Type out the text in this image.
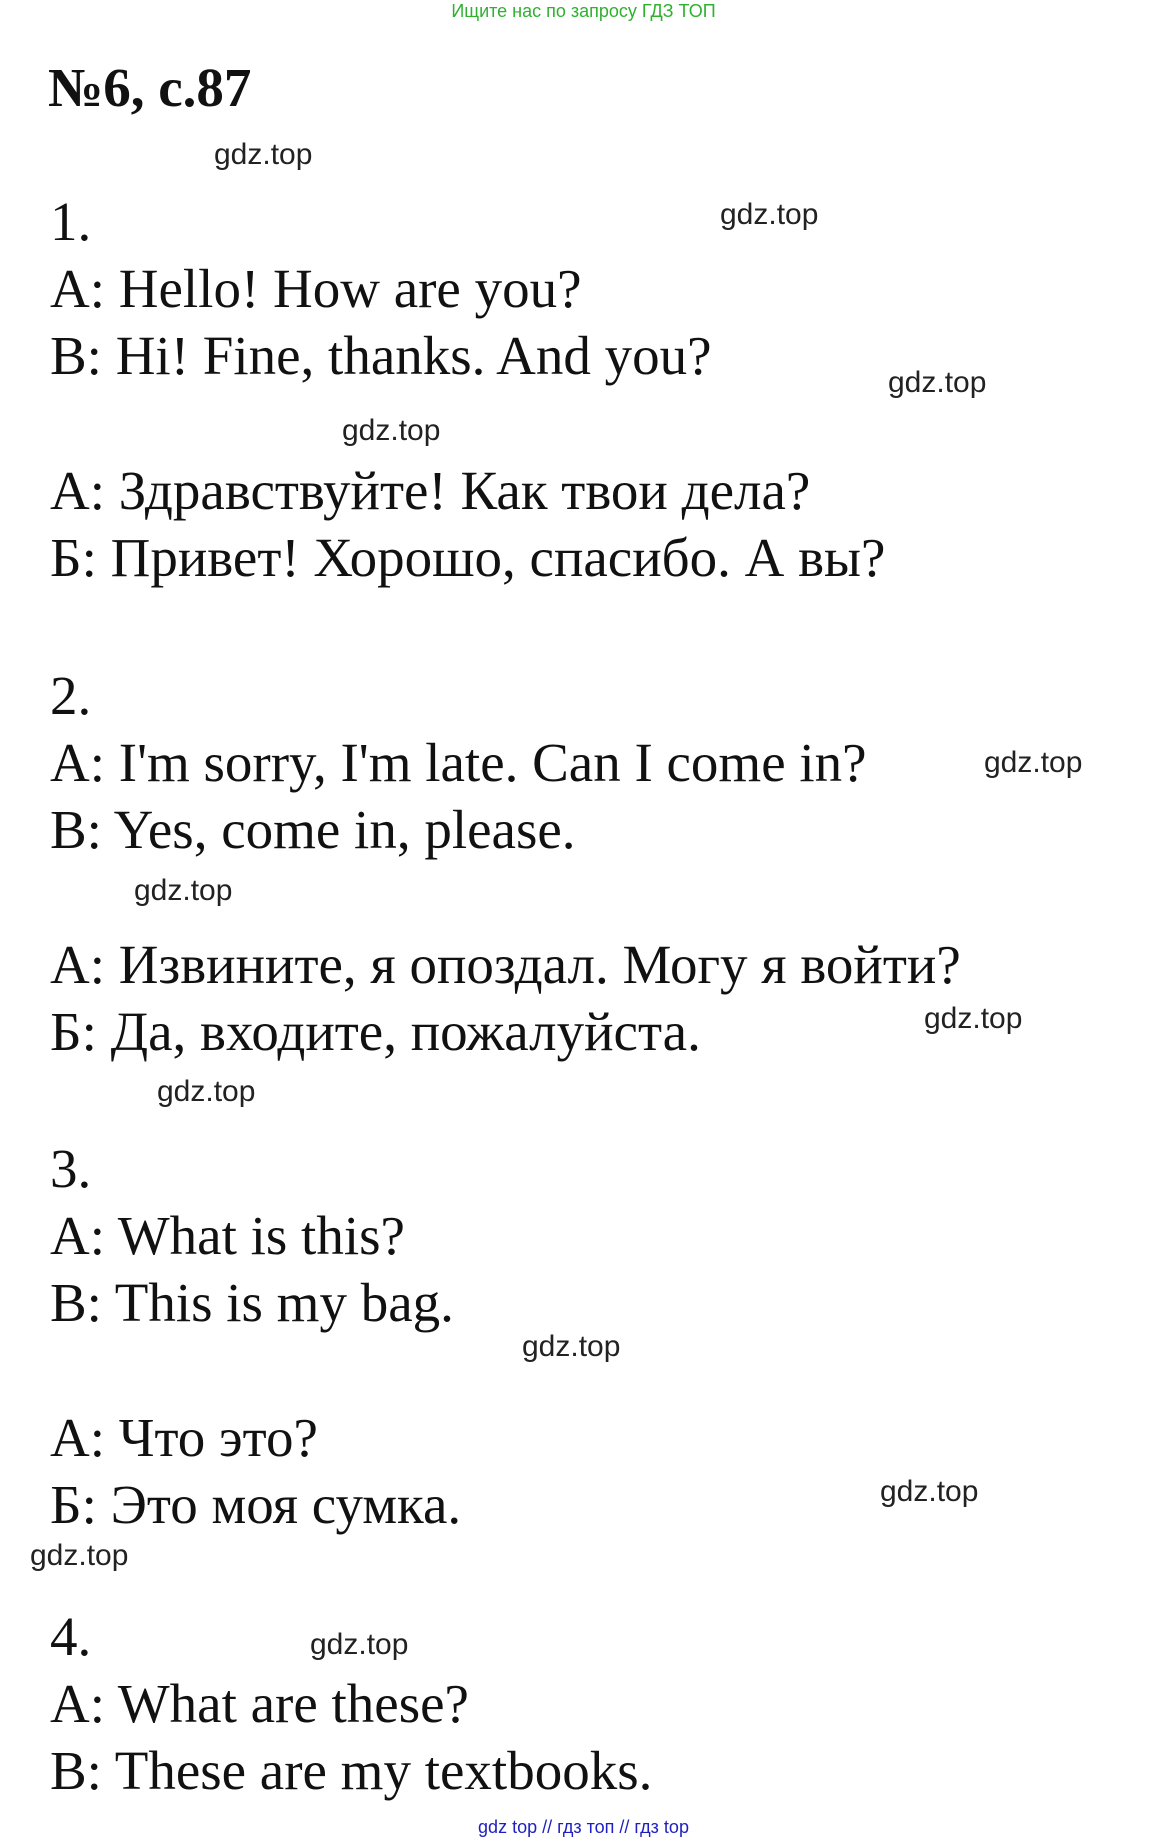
Ищите нас по запросу ГДЗ ТОП
№6, с.87
1.
A: Hello! How are you?
B: Hi! Fine, thanks. And you?
А: Здравствуйте! Как твои дела?
Б: Привет! Хорошо, спасибо. А вы?
2.
A: I'm sorry, I'm late. Can I come in?
B: Yes, come in, please.
А: Извините, я опоздал. Могу я войти?
Б: Да, входите, пожалуйста.
3.
A: What is this?
B: This is my bag.
А: Что это?
Б: Это моя сумка.
4.
A: What are these?
B: These are my textbooks.
gdz.top
gdz.top
gdz.top
gdz.top
gdz.top
gdz.top
gdz.top
gdz.top
gdz.top
gdz.top
gdz.top
gdz.top
gdz top // гдз топ // гдз top
